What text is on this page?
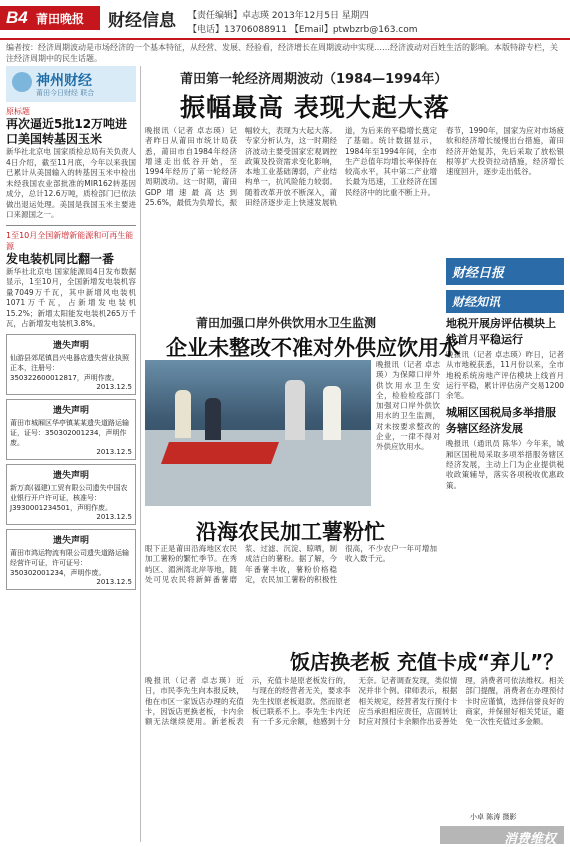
B4 莆田晚报 财经信息 【责任编辑】卓志瑛 2013年12月5日 星期四
【电话】13706088911 【Email】ptwbzrb@163.com
编者按：经济周期波动是市场经济的一个基本特征，从经营、发展、经验看，经济增长在周期波动中实现……经济波动对百姓生活的影响。本版特辟专栏，关注经济周期中的民生话题。
神州财经
莆田今日财经 联合
原标题
再次逼近5批12万吨进口美国转基因玉米
新华社北京电 国家质检总局有关负责人4日介绍，截至11月底，今年以来我国已累计从美国输入的转基因玉米中检出未经我国农业部批准的MIR162转基因成分，总计12.6万吨，质检部门已依法做出退运处理。美国是我国玉米主要进口来源国之一。
1至10月全国新增新能源和可再生能源
发电装机同比翻一番
新华社北京电 国家能源局4日发布数据显示，1至10月，全国新增发电装机容量7049万千瓦，其中新增风电装机1071万千瓦，占新增发电装机15.2%；新增太阳能发电装机265万千瓦，占新增发电装机3.8%。
遗失声明
仙游县郊尾镇昌兴电器店遗失营业执照正本，注册号：350322600012817，声明作废。
2013.12.5
遗失声明
莆田市城厢区华亭镇某某遗失道路运输证，证号：350302001234，声明作废。
2013.12.5
遗失声明
新万高(福建)工贸有限公司遗失中国农业银行开户许可证，核准号：J3930001234501，声明作废。
2013.12.5
遗失声明
莆田市鸿运物流有限公司遗失道路运输经营许可证，许可证号：350302001234，声明作废。
2013.12.5
莆田第一轮经济周期波动（1984—1994年）
振幅最高 表现大起大落
晚报讯（记者 卓志瑛）记者昨日从莆田市统计局获悉，莆田市自1984年经济增速走出低谷开始，至1994年经历了第一轮经济周期波动。这一时期，莆田GDP增速最高达到25.6%，最低为负增长，振幅较大，表现为大起大落。专家分析认为，这一时期经济波动主要受国家宏观调控政策及投资需求变化影响，本地工业基础薄弱，产业结构单一，抗风险能力较弱。随着改革开放不断深入，莆田经济逐步走上快速发展轨道，为后来的平稳增长奠定了基础。统计数据显示，1984年至1994年间，全市生产总值年均增长率保持在较高水平，其中第二产业增长最为迅速，工业经济在国民经济中的比重不断上升。
春节，1990年，国家为应对市场疲软和经济增长缓慢出台措施，莆田经济开始复苏，先后采取了放松银根等扩大投资拉动措施，经济增长速度回升，逐步走出低谷。
财经日报
财经知讯
地税开展房评估模块上线首月平稳运行
晚报讯（记者 卓志瑛）昨日，记者从市地税获悉，11月份以来，全市地税系统房地产评估模块上线首月运行平稳，累计评估房产交易1200余笔。
城厢区国税局多举措服务辖区经济发展
晚报讯（通讯员 陈华）今年来，城厢区国税局采取多项举措服务辖区经济发展，主动上门为企业提供税收政策辅导，落实各项税收优惠政策。
莆田加强口岸外供饮用水卫生监测
企业未整改不准对外供应饮用水
晚报讯（记者 卓志瑛）为保障口岸外供饮用水卫生安全，检验检疫部门加强对口岸外供饮用水的卫生监测，对未按要求整改的企业，一律不得对外供应饮用水。
沿海农民加工薯粉忙
眼下正是莆田沿海地区农民加工薯粉的繁忙季节。在秀屿区、湄洲湾北岸等地，随处可见农民将新鲜番薯磨浆、过滤、沉淀、晾晒，制成洁白的薯粉。据了解，今年番薯丰收，薯粉价格稳定，农民加工薯粉的积极性很高，不少农户一年可增加收入数千元。
饭店换老板 充值卡成“弃儿”？
晚报讯（记者 卓志瑛）近日，市民李先生向本报反映，他在市区一家饭店办理的充值卡，因饭店更换老板，卡内余额无法继续使用。新老板表示，充值卡是原老板发行的，与现在的经营者无关，要求李先生找原老板退款。然而原老板已联系不上。李先生卡内还有一千多元余额，他感到十分无奈。记者调查发现，类似情况并非个例。律师表示，根据相关规定，经营者发行预付卡应当承担相应责任，店面转让时应对预付卡余额作出妥善处理，消费者可依法维权。相关部门提醒，消费者在办理预付卡时应谨慎，选择信誉良好的商家，并保留好相关凭证，避免一次性充值过多金额。
小卓 陈涛 摄影
消费维权
